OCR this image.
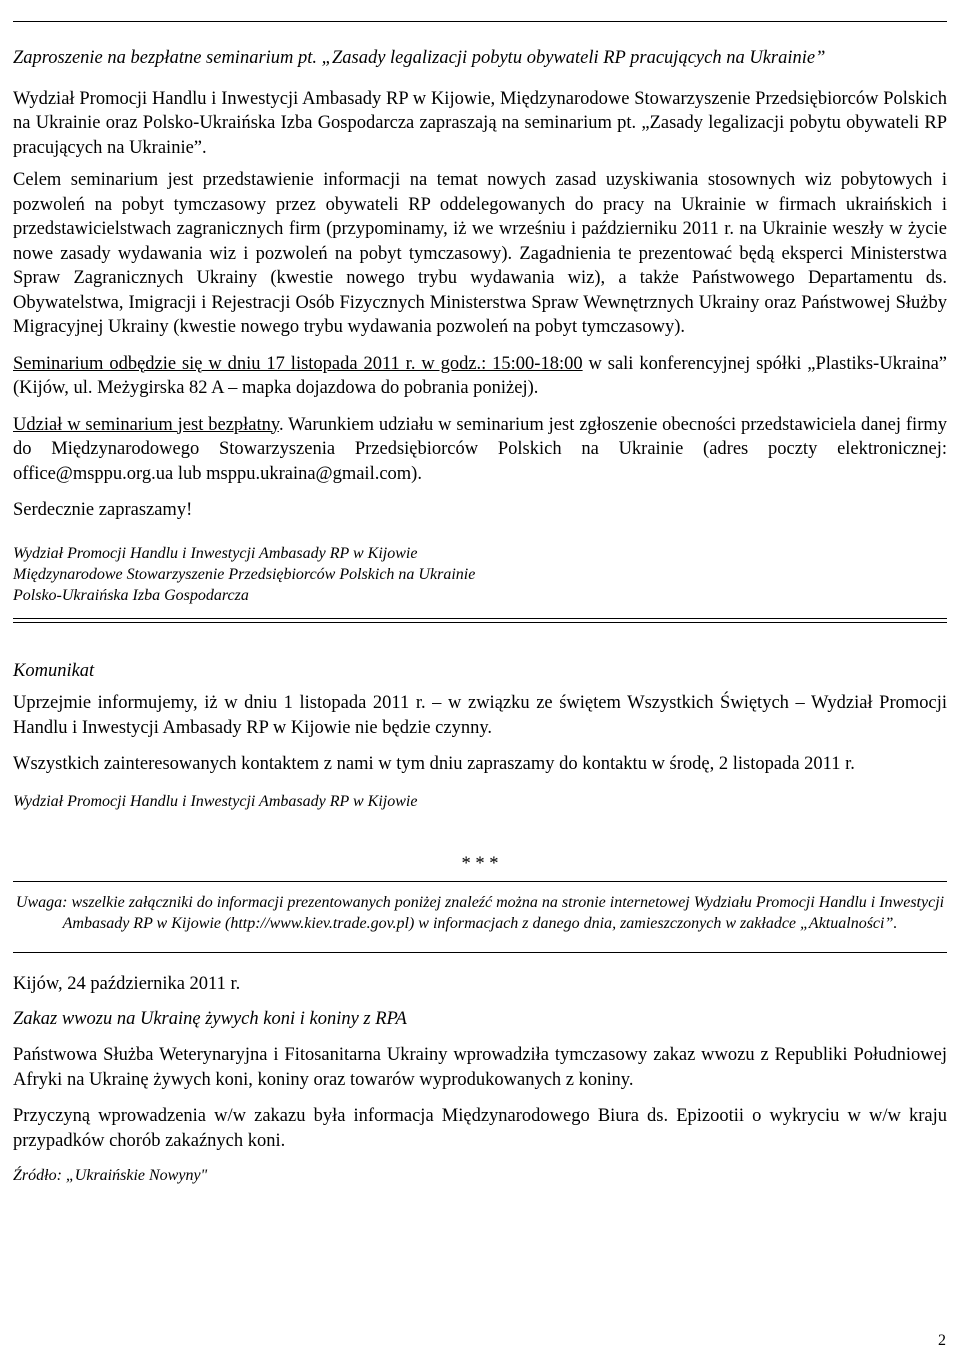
Zaproszenie na bezpłatne seminarium pt. „Zasady legalizacji pobytu obywateli RP pracujących na Ukrainie”

Wydział Promocji Handlu i Inwestycji Ambasady RP w Kijowie, Międzynarodowe Stowarzyszenie Przedsiębiorców Polskich na Ukrainie oraz Polsko-Ukraińska Izba Gospodarcza zapraszają na seminarium pt. „Zasady legalizacji pobytu obywateli RP pracujących na Ukrainie”.

Celem seminarium jest przedstawienie informacji na temat nowych zasad uzyskiwania stosownych wiz pobytowych i pozwoleń na pobyt tymczasowy przez obywateli RP oddelegowanych do pracy na Ukrainie w firmach ukraińskich i przedstawicielstwach zagranicznych firm (przypominamy, iż we wrześniu i październiku 2011 r. na Ukrainie weszły w życie nowe zasady wydawania wiz i pozwoleń na pobyt tymczasowy). Zagadnienia te prezentować będą eksperci Ministerstwa Spraw Zagranicznych Ukrainy (kwestie nowego trybu wydawania wiz), a także Państwowego Departamentu ds. Obywatelstwa, Imigracji i Rejestracji Osób Fizycznych Ministerstwa Spraw Wewnętrznych Ukrainy oraz Państwowej Służby Migracyjnej Ukrainy (kwestie nowego trybu wydawania pozwoleń na pobyt tymczasowy).

Seminarium odbędzie się w dniu 17 listopada 2011 r. w godz.: 15:00-18:00 w sali konferencyjnej spółki „Plastiks-Ukraina” (Kijów, ul. Meżygirska 82 A – mapka dojazdowa do pobrania poniżej).

Udział w seminarium jest bezpłatny. Warunkiem udziału w seminarium jest zgłoszenie obecności przedstawiciela danej firmy do Międzynarodowego Stowarzyszenia Przedsiębiorców Polskich na Ukrainie (adres poczty elektronicznej: office@msppu.org.ua lub msppu.ukraina@gmail.com).

Serdecznie zapraszamy!

Wydział Promocji Handlu i Inwestycji Ambasady RP w Kijowie

Międzynarodowe Stowarzyszenie Przedsiębiorców Polskich na Ukrainie

Polsko-Ukraińska Izba Gospodarcza

Komunikat

Uprzejmie informujemy, iż w dniu 1 listopada 2011 r. – w związku ze świętem Wszystkich Świętych – Wydział Promocji Handlu i Inwestycji Ambasady RP w Kijowie nie będzie czynny.

Wszystkich zainteresowanych kontaktem z nami w tym dniu zapraszamy do kontaktu w środę, 2 listopada 2011 r.

Wydział Promocji Handlu i Inwestycji Ambasady RP w Kijowie

* * *

Uwaga: wszelkie załączniki do informacji prezentowanych poniżej znaleźć można na stronie internetowej Wydziału Promocji Handlu i Inwestycji Ambasady RP w Kijowie (http://www.kiev.trade.gov.pl) w informacjach z danego dnia, zamieszczonych w zakładce „Aktualności”.

Kijów, 24 października 2011 r.

Zakaz wwozu na Ukrainę żywych koni i koniny z RPA

Państwowa Służba Weterynaryjna i Fitosanitarna Ukrainy wprowadziła tymczasowy zakaz wwozu z Republiki Południowej Afryki na Ukrainę żywych koni, koniny oraz towarów wyprodukowanych z koniny.

Przyczyną wprowadzenia w/w zakazu była informacja Międzynarodowego Biura ds. Epizootii o wykryciu w w/w kraju przypadków chorób zakaźnych koni.

Źródło: „Ukraińskie Nowyny"

2
